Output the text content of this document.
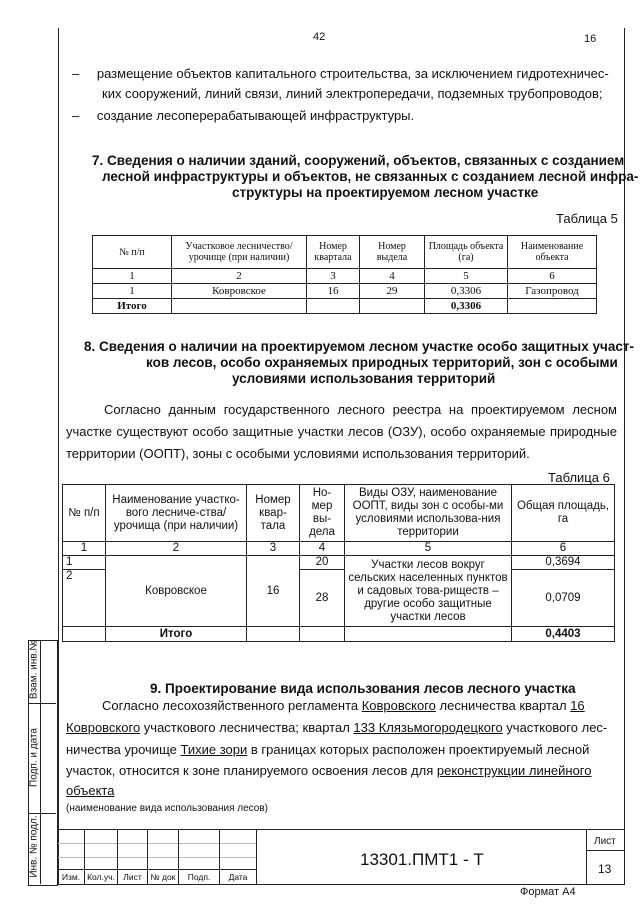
42	16
– размещение объектов капитального строительства, за исключением гидротехничес-
ких сооружений, линий связи, линий электропередачи, подземных трубопроводов;
– создание лесоперерабатывающей инфраструктуры.
7. Сведения о наличии зданий, сооружений, объектов, связанных с созданием
лесной инфраструктуры и объектов, не связанных с созданием лесной инфра-
структуры на проектируемом лесном участке
Таблица 5
№ п/п	Участковое лесничество/урочище (при наличии)	Номер квартала	Номер выдела	Площадь объекта (га)	Наименование объекта
1	2	3	4	5	6
1	Ковровское	16	29	0,3306	Газопровод
Итого				0,3306	
8. Сведения о наличии на проектируемом лесном участке особо защитных участ-
ков лесов, особо охраняемых природных территорий, зон с особыми
условиями использования территорий
Согласно данным государственного лесного реестра на проектируемом лесном
участке существуют особо защитные участки лесов (ОЗУ), особо охраняемые природные
территории (ООПТ), зоны с особыми условиями использования территорий.
Таблица 6
№ п/п	Наименование участко-вого лесниче-ства/урочища (при наличии)	Номер квар-тала	Но-мер вы-дела	Виды ОЗУ, наименование ООПТ, виды зон с особы-ми условиями использова-ния территории	Общая площадь, га
1	2	3	4	5	6
1	Ковровское	16	20	Участки лесов вокруг сельских населенных пунктов и садовых това-риществ – другие особо защитные участки лесов	0,3694
2			28		0,0709
	Итого				0,4403
9. Проектирование вида использования лесов лесного участка
Согласно лесохозяйственного регламента Ковровского лесничества квартал 16
Ковровского участкового лесничества; квартал 133 Клязьмогородецкого участкового лес-
ничества урочище Тихие зори в границах которых расположен проектируемый лесной
участок, относится к зоне планируемого освоения лесов для реконструкции линейного
объекта
(наименование вида использования лесов)
Взам. инв.№
Подп. и дата
Инв. № подл.	Изм. Кол.уч. Лист	№ док	Подп.	Дата
13301.ПМТ1 - Т
Лист
13
Формат А4
